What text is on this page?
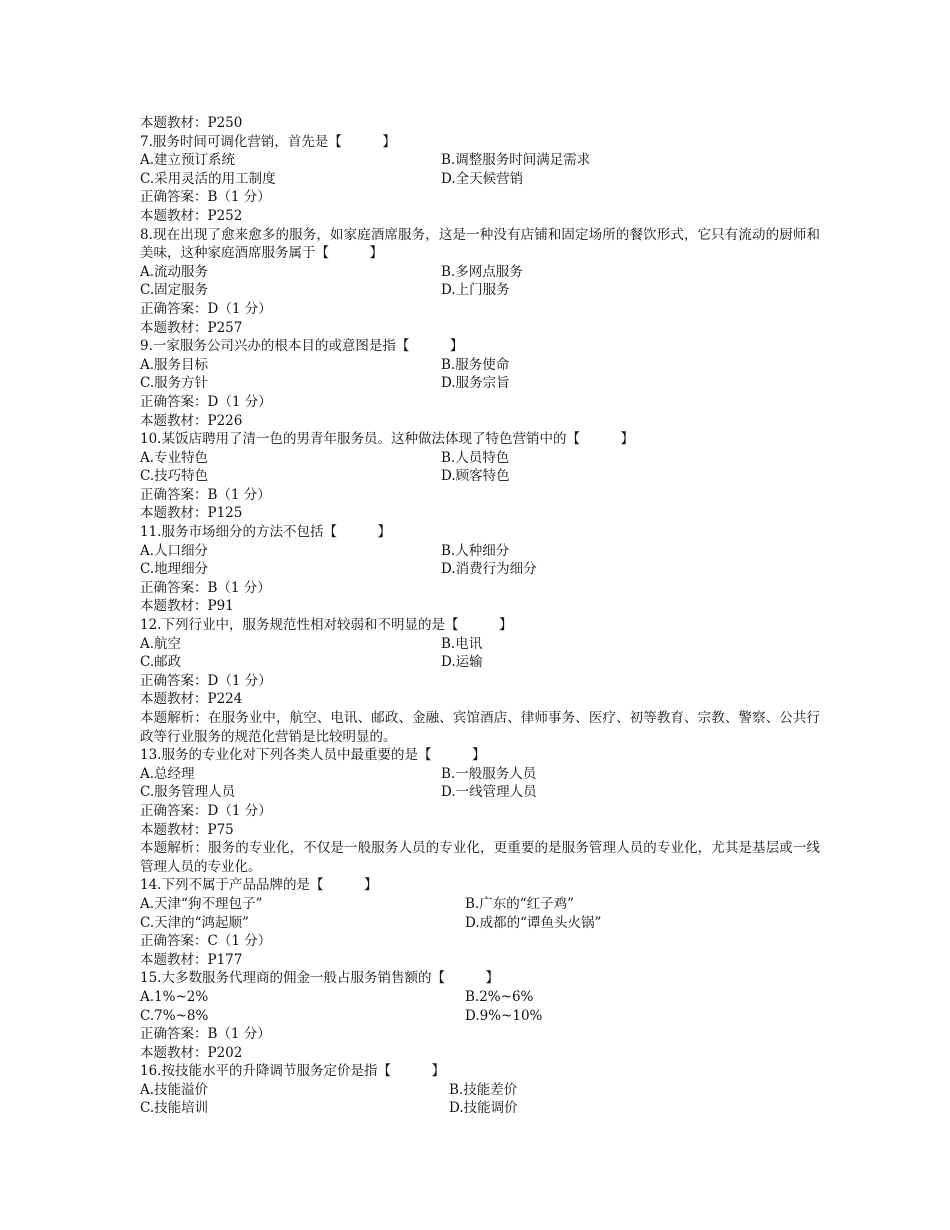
本题教材：P250
7.服务时间可调化营销，首先是【　　　】
A.建立预订系统	B.调整服务时间满足需求
C.采用灵活的用工制度	D.全天候营销
正确答案：B（1 分）
本题教材：P252
8.现在出现了愈来愈多的服务，如家庭酒席服务，这是一种没有店铺和固定场所的餐饮形式，它只有流动的厨师和美味，这种家庭酒席服务属于【　　　】
A.流动服务	B.多网点服务
C.固定服务	D.上门服务
正确答案：D（1 分）
本题教材：P257
9.一家服务公司兴办的根本目的或意图是指【　　　】
A.服务目标	B.服务使命
C.服务方针	D.服务宗旨
正确答案：D（1 分）
本题教材：P226
10.某饭店聘用了清一色的男青年服务员。这种做法体现了特色营销中的【　　　】
A.专业特色	B.人员特色
C.技巧特色	D.顾客特色
正确答案：B（1 分）
本题教材：P125
11.服务市场细分的方法不包括【　　　】
A.人口细分	B.人种细分
C.地理细分	D.消费行为细分
正确答案：B（1 分）
本题教材：P91
12.下列行业中，服务规范性相对较弱和不明显的是【　　　】
A.航空	B.电讯
C.邮政	D.运输
正确答案：D（1 分）
本题教材：P224
本题解析：在服务业中，航空、电讯、邮政、金融、宾馆酒店、律师事务、医疗、初等教育、宗教、警察、公共行政等行业服务的规范化营销是比较明显的。
13.服务的专业化对下列各类人员中最重要的是【　　　】
A.总经理	B.一般服务人员
C.服务管理人员	D.一线管理人员
正确答案：D（1 分）
本题教材：P75
本题解析：服务的专业化，不仅是一般服务人员的专业化，更重要的是服务管理人员的专业化，尤其是基层或一线管理人员的专业化。
14.下列不属于产品品牌的是【　　　】
A.天津“狗不理包子”	B.广东的“红子鸡”
C.天津的“鸿起顺”	D.成都的“谭鱼头火锅”
正确答案：C（1 分）
本题教材：P177
15.大多数服务代理商的佣金一般占服务销售额的【　　　】
A.1%~2%	B.2%~6%
C.7%~8%	D.9%~10%
正确答案：B（1 分）
本题教材：P202
16.按技能水平的升降调节服务定价是指【　　　】
A.技能溢价	B.技能差价
C.技能培训	D.技能调价
